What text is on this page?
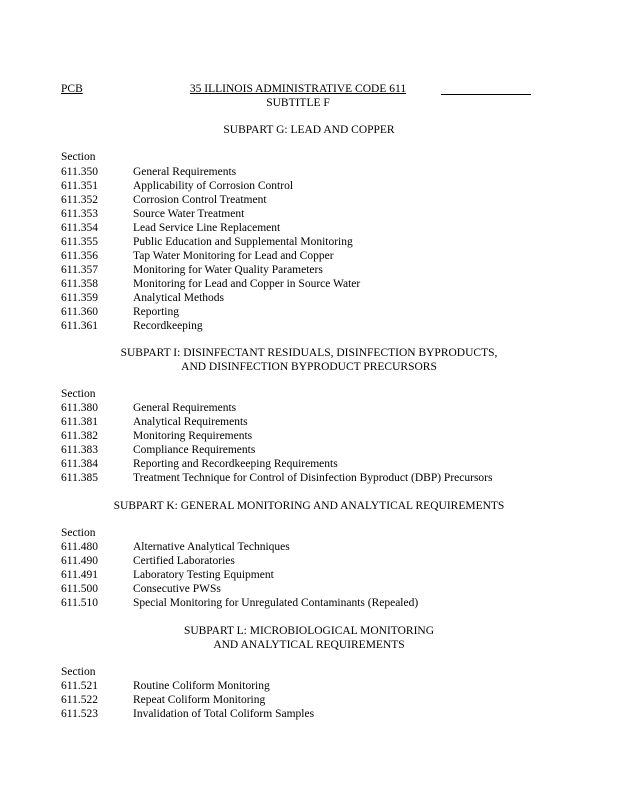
PCB	35 ILLINOIS ADMINISTRATIVE CODE 611
SUBTITLE F
SUBPART G: LEAD AND COPPER
Section
611.350	General Requirements
611.351	Applicability of Corrosion Control
611.352	Corrosion Control Treatment
611.353	Source Water Treatment
611.354	Lead Service Line Replacement
611.355	Public Education and Supplemental Monitoring
611.356	Tap Water Monitoring for Lead and Copper
611.357	Monitoring for Water Quality Parameters
611.358	Monitoring for Lead and Copper in Source Water
611.359	Analytical Methods
611.360	Reporting
611.361	Recordkeeping
SUBPART I: DISINFECTANT RESIDUALS, DISINFECTION BYPRODUCTS,
AND DISINFECTION BYPRODUCT PRECURSORS
Section
611.380	General Requirements
611.381	Analytical Requirements
611.382	Monitoring Requirements
611.383	Compliance Requirements
611.384	Reporting and Recordkeeping Requirements
611.385	Treatment Technique for Control of Disinfection Byproduct (DBP) Precursors
SUBPART K: GENERAL MONITORING AND ANALYTICAL REQUIREMENTS
Section
611.480	Alternative Analytical Techniques
611.490	Certified Laboratories
611.491	Laboratory Testing Equipment
611.500	Consecutive PWSs
611.510	Special Monitoring for Unregulated Contaminants (Repealed)
SUBPART L: MICROBIOLOGICAL MONITORING
AND ANALYTICAL REQUIREMENTS
Section
611.521	Routine Coliform Monitoring
611.522	Repeat Coliform Monitoring
611.523	Invalidation of Total Coliform Samples
